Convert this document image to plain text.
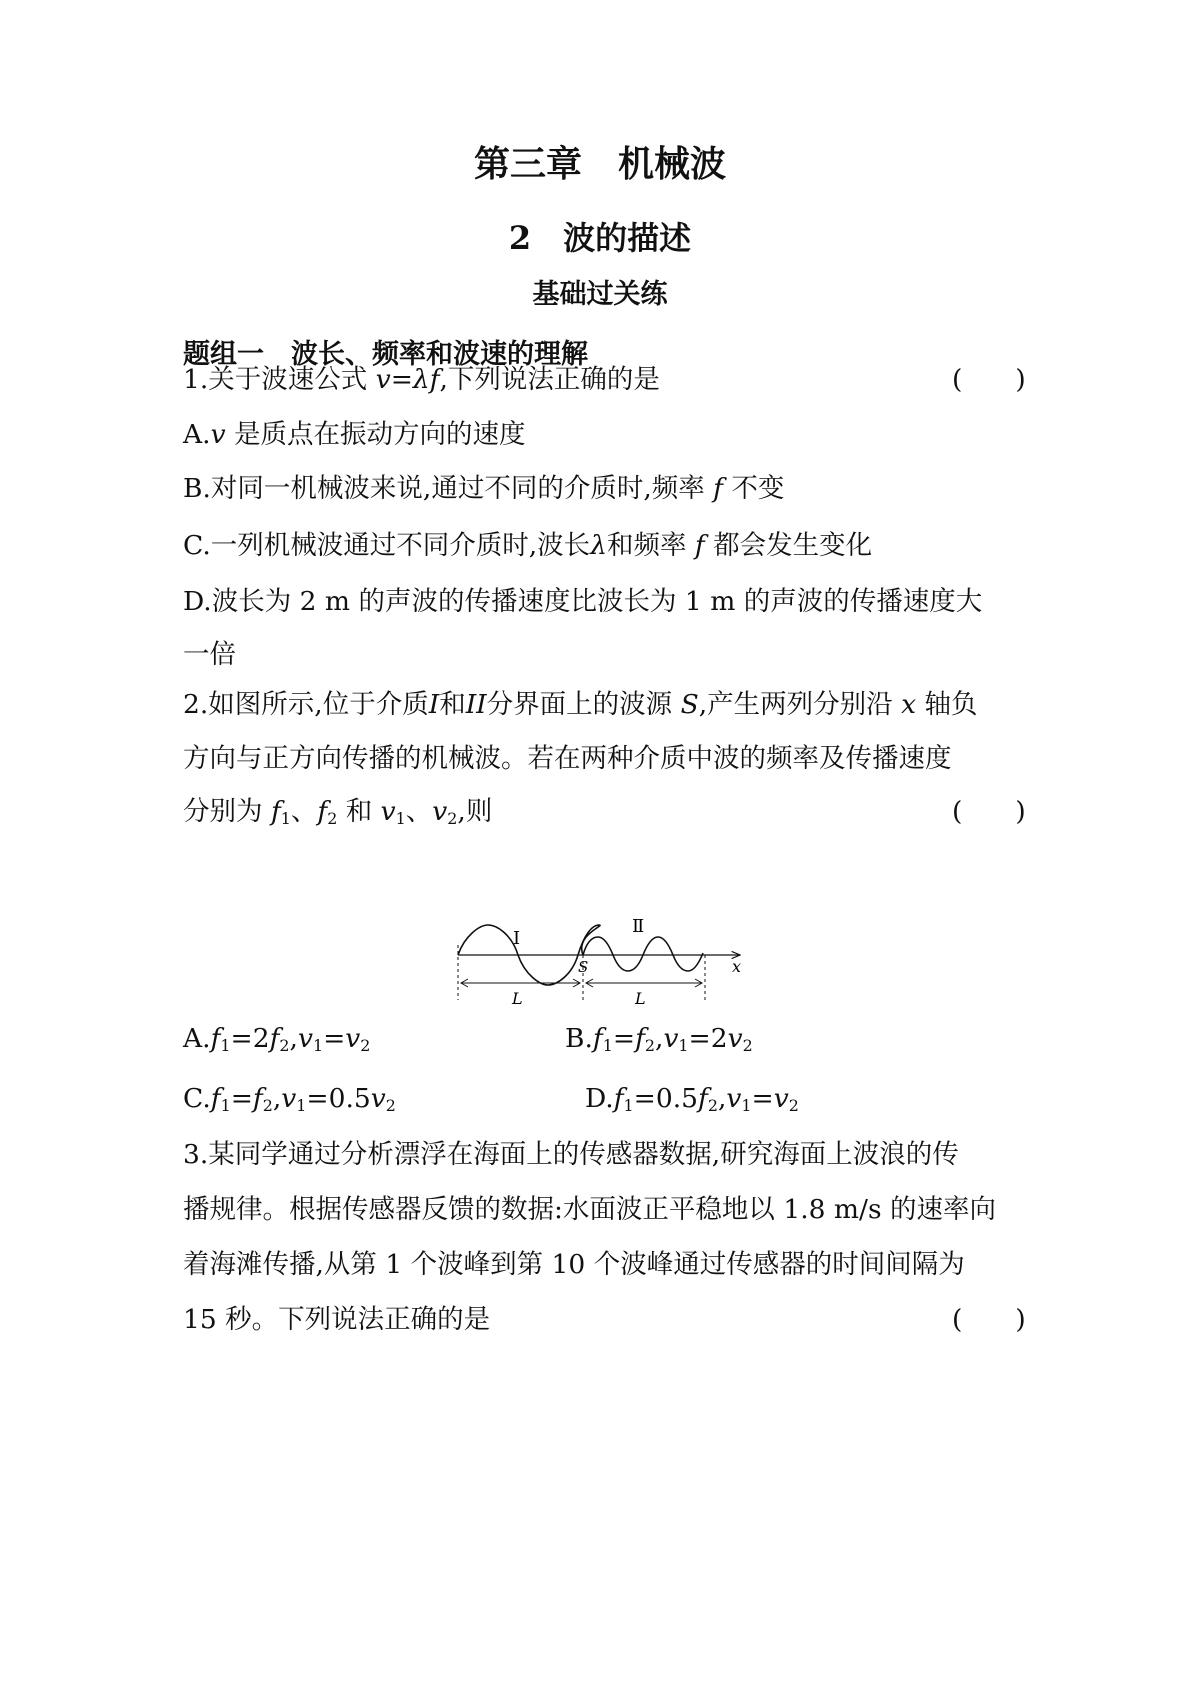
第三章　机械波
2　波的描述
基础过关练
题组一　波长、频率和波速的理解
1.关于波速公式 v=λf,下列说法正确的是	(　　)
A.v 是质点在振动方向的速度
B.对同一机械波来说,通过不同的介质时,频率 f 不变
C.一列机械波通过不同介质时,波长λ和频率 f 都会发生变化
D.波长为 2 m 的声波的传播速度比波长为 1 m 的声波的传播速度大
一倍
2.如图所示,位于介质I和II分界面上的波源 S,产生两列分别沿 x 轴负
方向与正方向传播的机械波。若在两种介质中波的频率及传播速度
分别为 $f_1$、$f_2$ 和 $v_1$、$v_2$,则	(　　)
I
Ⅱ
S	x
L	L
$A.f_1=2f_2,v_1=v_2$	$B.f_1=f_2,v_1=2v_2$
$C.f_1=f_2,v_1=0.5v_2$	$D.f_1=0.5f_2,v_1=v_2$
3.某同学通过分析漂浮在海面上的传感器数据,研究海面上波浪的传
播规律。根据传感器反馈的数据:水面波正平稳地以 1.8 m/s 的速率向
着海滩传播,从第 1 个波峰到第 10 个波峰通过传感器的时间间隔为
15 秒。下列说法正确的是	(　　)
